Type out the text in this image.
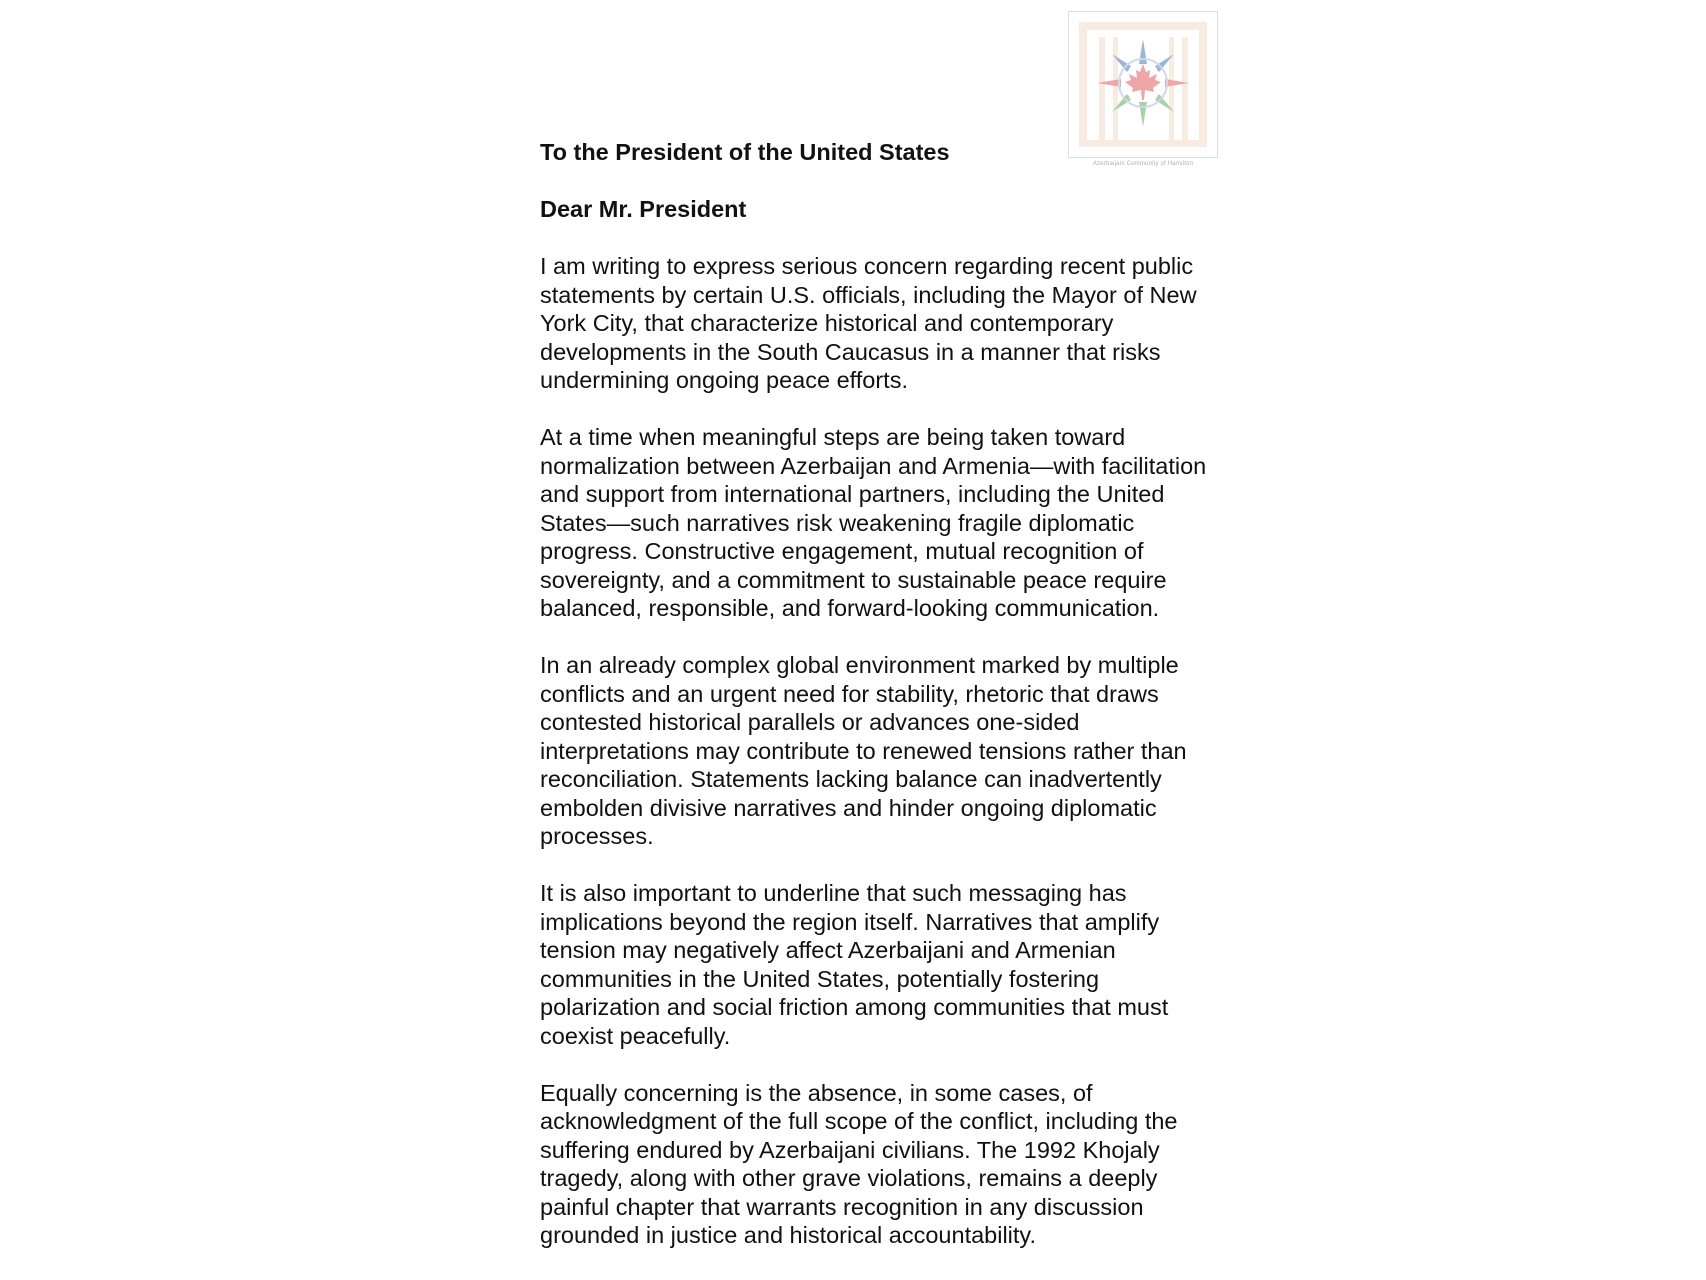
Azerbaijani Community of Hamilton

To the President of the United States

Dear Mr. President

I am writing to express serious concern regarding recent public statements by certain U.S. officials, including the Mayor of New York City, that characterize historical and contemporary developments in the South Caucasus in a manner that risks undermining ongoing peace efforts.

At a time when meaningful steps are being taken toward normalization between Azerbaijan and Armenia—with facilitation and support from international partners, including the United States—such narratives risk weakening fragile diplomatic progress. Constructive engagement, mutual recognition of sovereignty, and a commitment to sustainable peace require balanced, responsible, and forward-looking communication.

In an already complex global environment marked by multiple conflicts and an urgent need for stability, rhetoric that draws contested historical parallels or advances one-sided interpretations may contribute to renewed tensions rather than reconciliation. Statements lacking balance can inadvertently embolden divisive narratives and hinder ongoing diplomatic processes.

It is also important to underline that such messaging has implications beyond the region itself. Narratives that amplify tension may negatively affect Azerbaijani and Armenian communities in the United States, potentially fostering polarization and social friction among communities that must coexist peacefully.

Equally concerning is the absence, in some cases, of acknowledgment of the full scope of the conflict, including the suffering endured by Azerbaijani civilians. The 1992 Khojaly tragedy, along with other grave violations, remains a deeply painful chapter that warrants recognition in any discussion grounded in justice and historical accountability.
